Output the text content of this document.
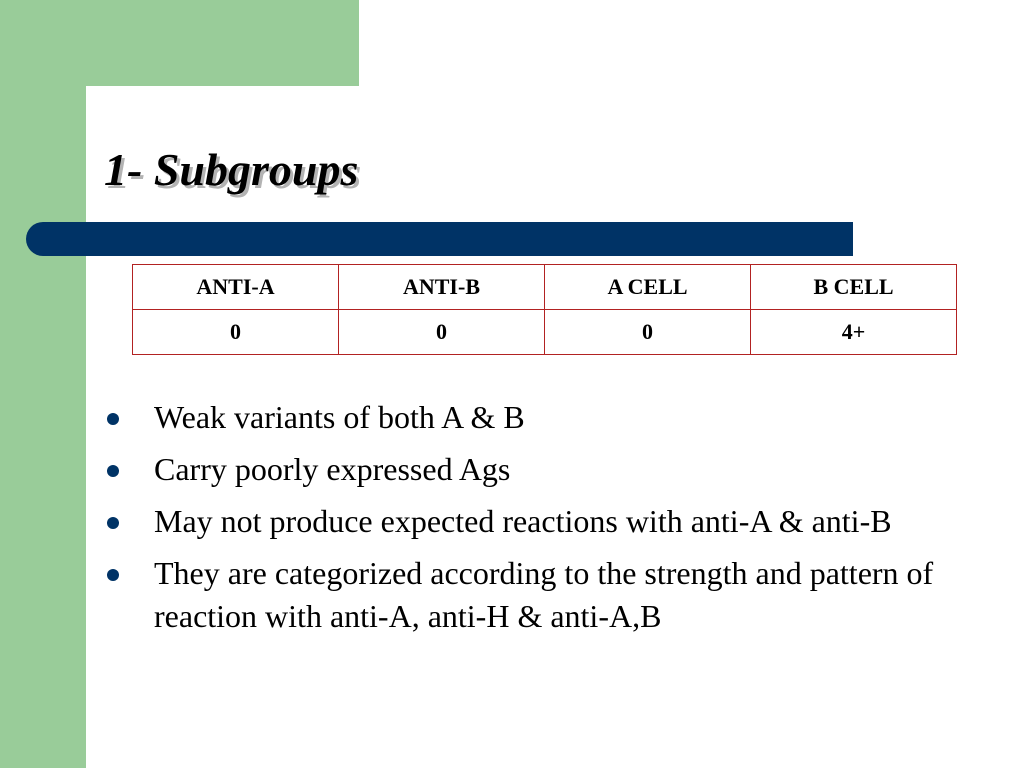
1- Subgroups
ANTI-A	ANTI-B	A CELL	B CELL
0	0	0	4+
Weak variants of both A & B
Carry poorly expressed Ags
May not produce expected reactions with anti-A & anti-B
They are categorized according to the strength and pattern of reaction with anti-A, anti-H & anti-A,B
